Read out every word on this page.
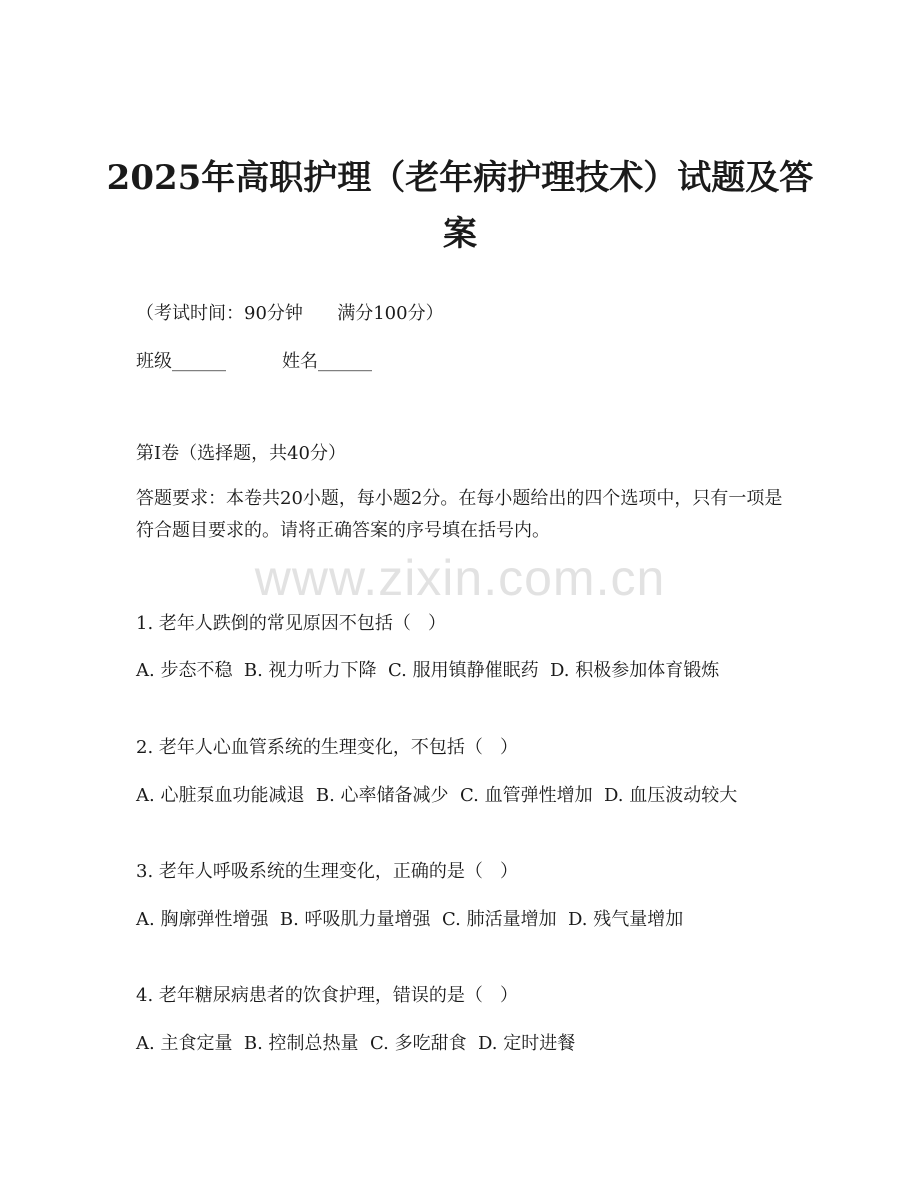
2025年高职护理（老年病护理技术）试题及答案
（考试时间：90分钟      满分100分）
班级______	姓名______
第Ⅰ卷（选择题，共40分）
答题要求：本卷共20小题，每小题2分。在每小题给出的四个选项中，只有一项是符合题目要求的。请将正确答案的序号填在括号内。
www.zixin.com.cn
1. 老年人跌倒的常见原因不包括（   ）
A. 步态不稳  B. 视力听力下降  C. 服用镇静催眠药  D. 积极参加体育锻炼
2. 老年人心血管系统的生理变化，不包括（   ）
A. 心脏泵血功能减退  B. 心率储备减少  C. 血管弹性增加  D. 血压波动较大
3. 老年人呼吸系统的生理变化，正确的是（   ）
A. 胸廓弹性增强  B. 呼吸肌力量增强  C. 肺活量增加  D. 残气量增加
4. 老年糖尿病患者的饮食护理，错误的是（   ）
A. 主食定量  B. 控制总热量  C. 多吃甜食  D. 定时进餐
